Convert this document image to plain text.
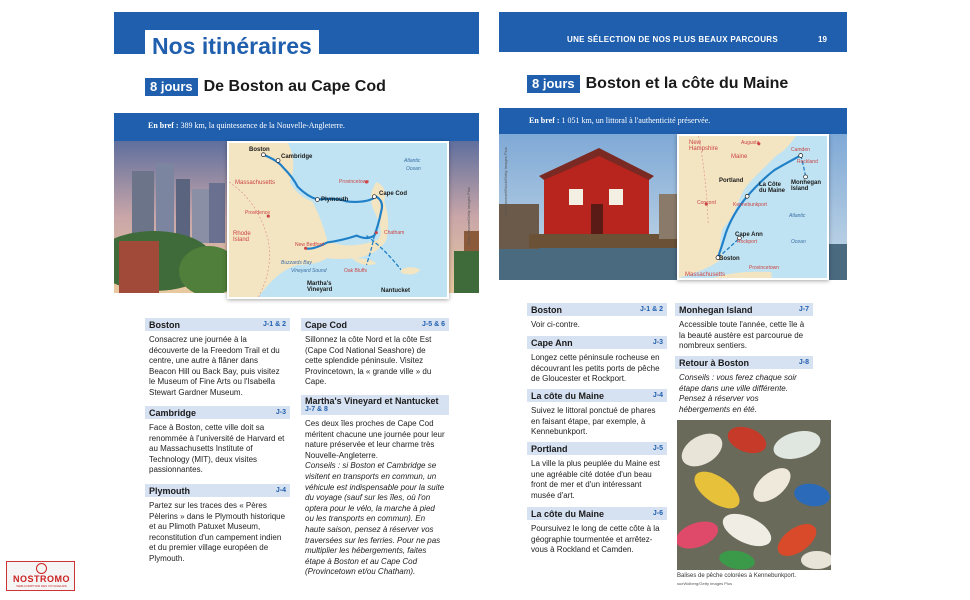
Nos itinéraires
8 jours De Boston au Cape Cod
En bref : 389 km, la quintessence de la Nouvelle-Angleterre.
Sean Pavone/Getty Images Plus
Boston
Cambridge
Plymouth
Cape Cod
Provincetown
Chatham
Nantucket
Martha's Vineyard
New Bedford
Oak Bluffs
Providence
Massachusetts
Rhode Island
Atlantic
Ocean
Buzzards Bay
Vineyard Sound
Boston	J-1 & 2
Consacrez une journée à la découverte de la Freedom Trail et du centre, une autre à flâner dans Beacon Hill ou Back Bay, puis visitez le Museum of Fine Arts ou l'Isabella Stewart Gardner Museum.
Cambridge	J-3
Face à Boston, cette ville doit sa renommée à l'université de Harvard et au Massachusetts Institute of Technology (MIT), deux visites passionnantes.
Plymouth	J-4
Partez sur les traces des « Pères Pèlerins » dans le Plymouth historique et au Plimoth Patuxet Museum, reconstitution d'un campement indien et du premier village européen de Plymouth.
Cape Cod	J-5 & 6
Sillonnez la côte Nord et la côte Est (Cape Cod National Seashore) de cette splendide péninsule. Visitez Provincetown, la « grande ville » du Cape.
Martha's Vineyard et Nantucket
J-7 & 8
Ces deux îles proches de Cape Cod méritent chacune une journée pour leur nature préservée et leur charme très Nouvelle-Angleterre.
Conseils : si Boston et Cambridge se visitent en transports en commun, un véhicule est indispensable pour la suite du voyage (sauf sur les îles, où l'on optera pour le vélo, la marche à pied ou les transports en commun). En haute saison, pensez à réserver vos traversées sur les ferries. Pour ne pas multiplier les hébergements, faites étape à Boston et au Cape Cod (Provincetown et/ou Chatham).
UNE SÉLECTION DE NOS PLUS BEAUX PARCOURS	19
8 jours Boston et la côte du Maine
En bref : 1 051 km, un littoral à l'authenticité préservée.
SeanPavone/iStock/Getty Images Plus
New Hampshire
Maine
Augusta
Camden
Rockland
Monhegan Island
La Côte du Maine
Portland
Kennebunkport
Concord
Cape Ann
Rockport
Boston
Massachusetts
Provincetown
Atlantic
Ocean
Boston	J-1 & 2
Voir ci-contre.
Cape Ann	J-3
Longez cette péninsule rocheuse en découvrant les petits ports de pêche de Gloucester et Rockport.
La côte du Maine	J-4
Suivez le littoral ponctué de phares en faisant étape, par exemple, à Kennebunkport.
Portland	J-5
La ville la plus peuplée du Maine est une agréable cité dotée d'un beau front de mer et d'un intéressant musée d'art.
La côte du Maine	J-6
Poursuivez le long de cette côte à la géographie tourmentée et arrêtez-vous à Rockland et Camden.
Monhegan Island	J-7
Accessible toute l'année, cette île à la beauté austère est parcourue de nombreux sentiers.
Retour à Boston	J-8
Conseils : vous ferez chaque soir étape dans une ville différente. Pensez à réserver vos hébergements en été.
Balises de pêche colorées à Kennebunkport.
sueWolberg/Getty Images Plus
NOSTROMO
WEB-COMPTOIR DES VOYAGEURS
